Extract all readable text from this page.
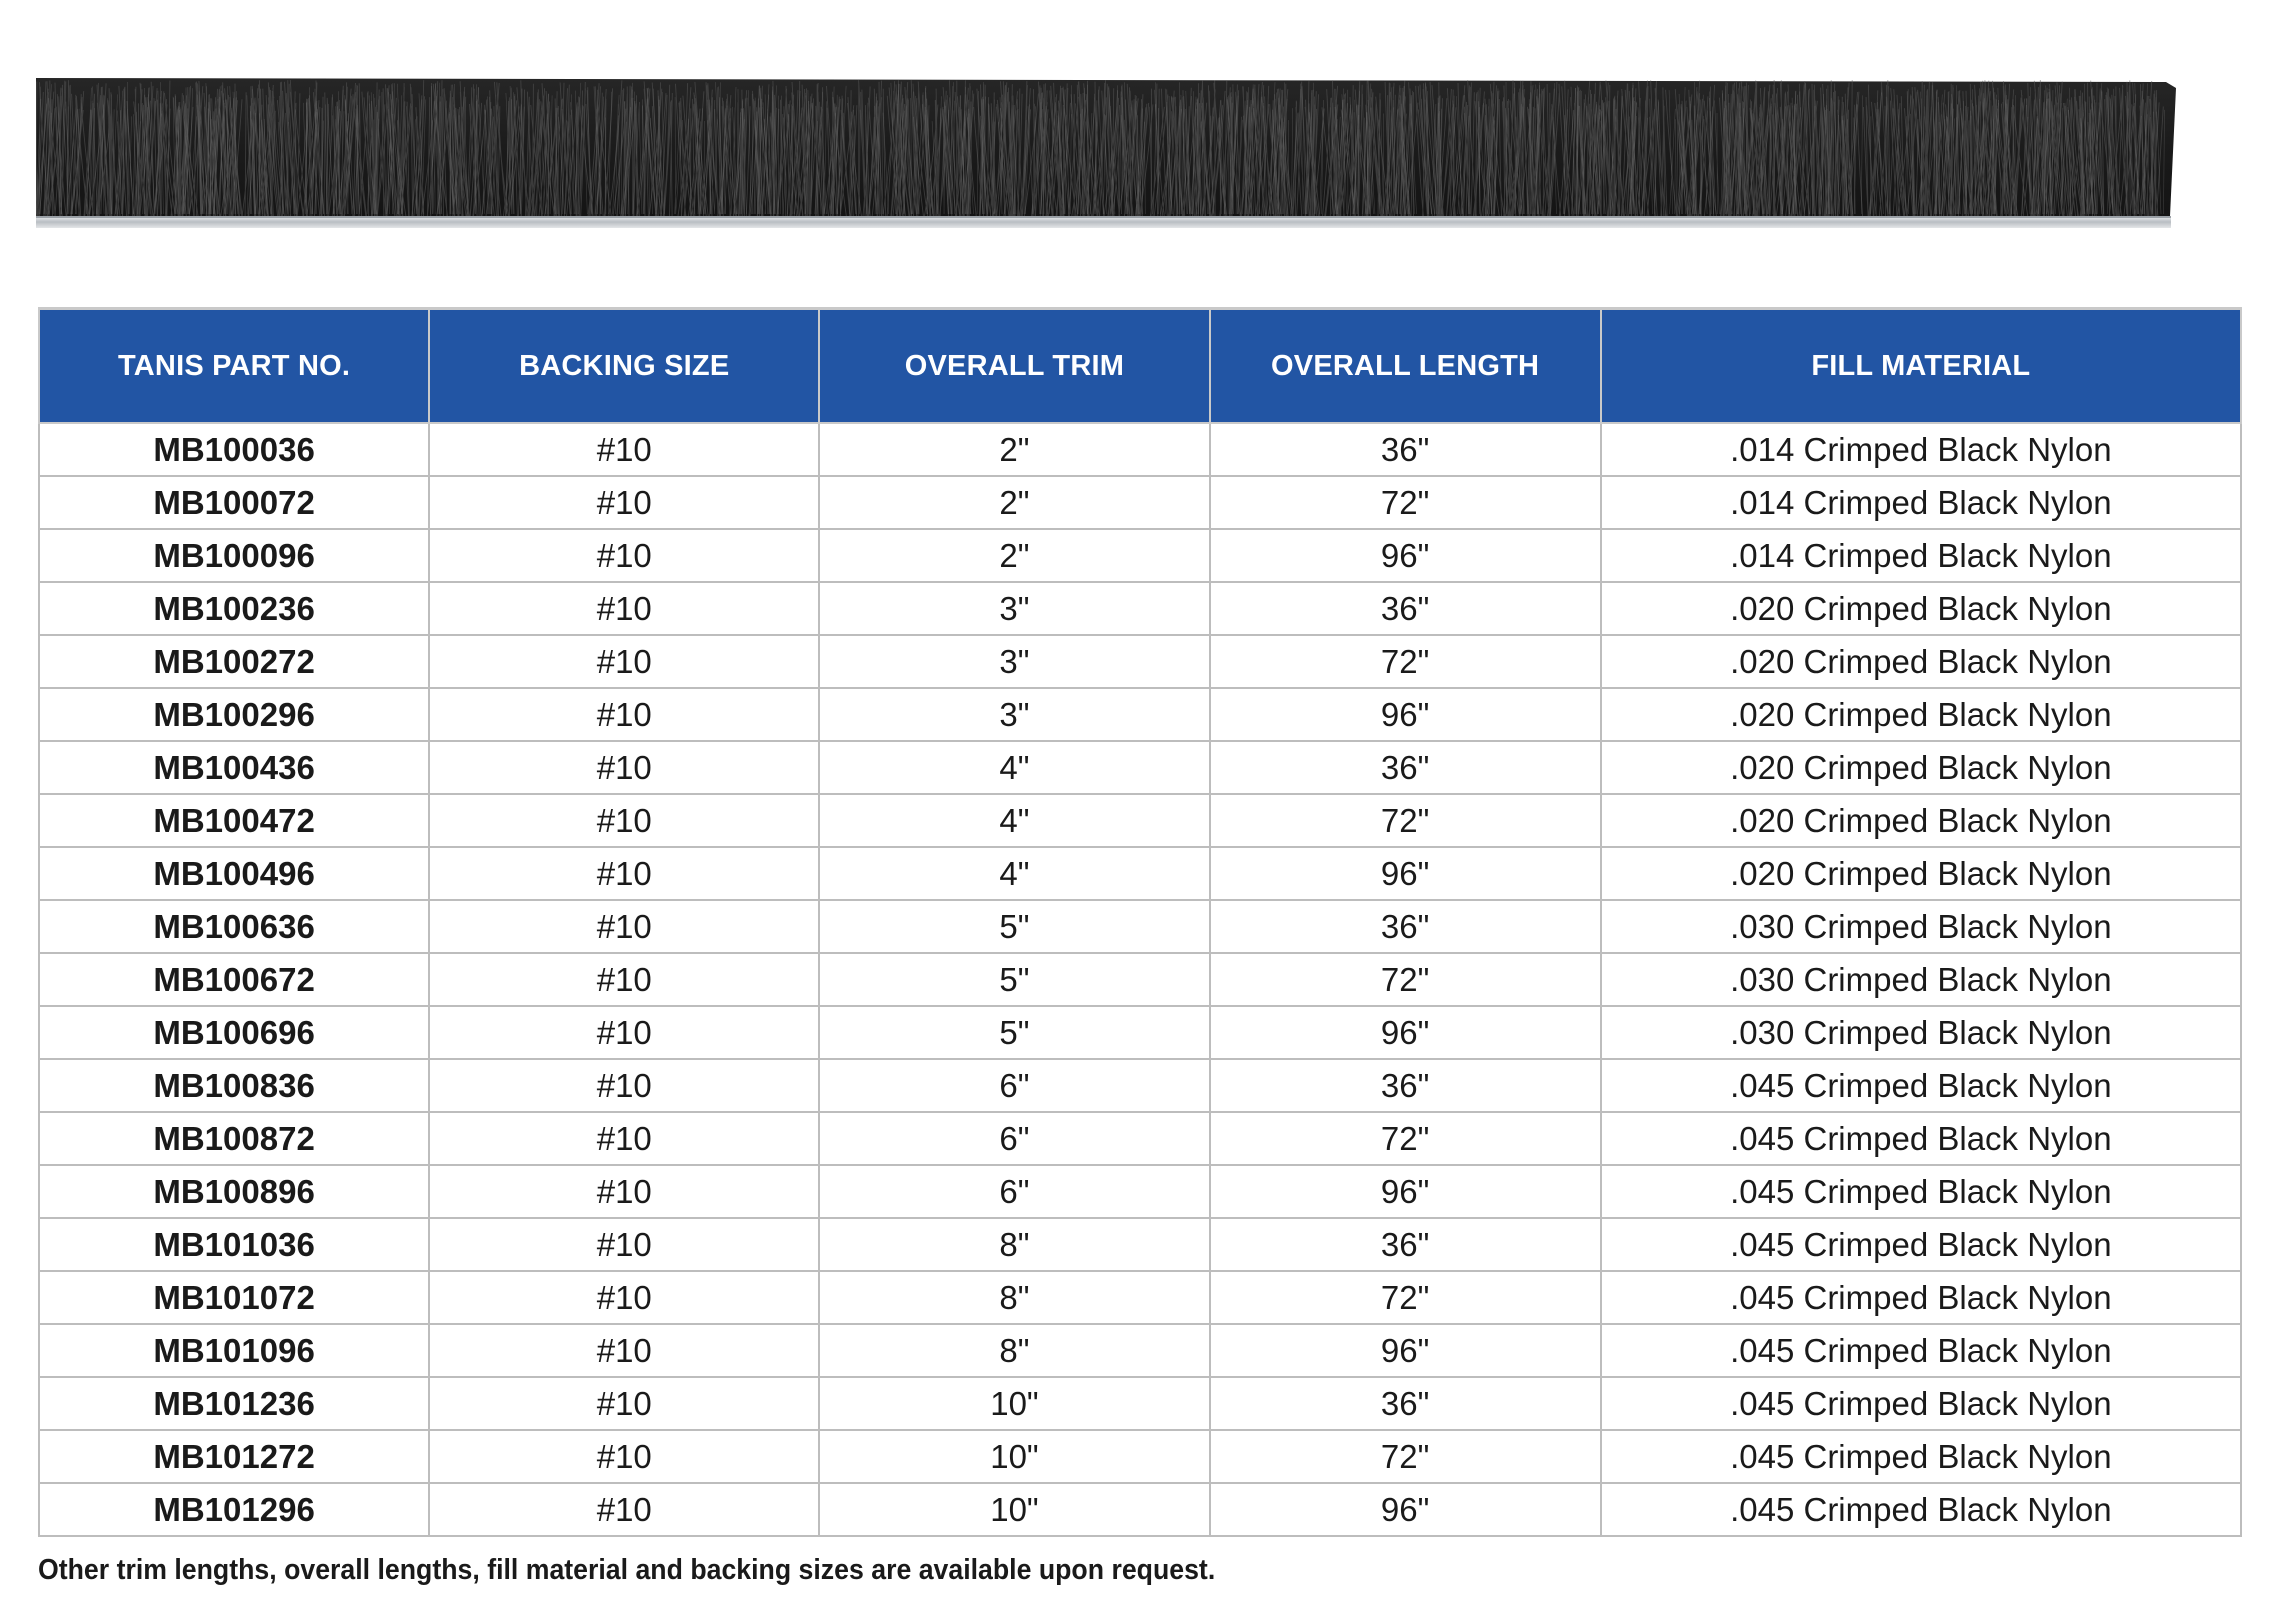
TANIS PART NO.	BACKING SIZE	OVERALL TRIM	OVERALL LENGTH	FILL MATERIAL
MB100036	#10	2"	36"	.014 Crimped Black Nylon
MB100072	#10	2"	72"	.014 Crimped Black Nylon
MB100096	#10	2"	96"	.014 Crimped Black Nylon
MB100236	#10	3"	36"	.020 Crimped Black Nylon
MB100272	#10	3"	72"	.020 Crimped Black Nylon
MB100296	#10	3"	96"	.020 Crimped Black Nylon
MB100436	#10	4"	36"	.020 Crimped Black Nylon
MB100472	#10	4"	72"	.020 Crimped Black Nylon
MB100496	#10	4"	96"	.020 Crimped Black Nylon
MB100636	#10	5"	36"	.030 Crimped Black Nylon
MB100672	#10	5"	72"	.030 Crimped Black Nylon
MB100696	#10	5"	96"	.030 Crimped Black Nylon
MB100836	#10	6"	36"	.045 Crimped Black Nylon
MB100872	#10	6"	72"	.045 Crimped Black Nylon
MB100896	#10	6"	96"	.045 Crimped Black Nylon
MB101036	#10	8"	36"	.045 Crimped Black Nylon
MB101072	#10	8"	72"	.045 Crimped Black Nylon
MB101096	#10	8"	96"	.045 Crimped Black Nylon
MB101236	#10	10"	36"	.045 Crimped Black Nylon
MB101272	#10	10"	72"	.045 Crimped Black Nylon
MB101296	#10	10"	96"	.045 Crimped Black Nylon
Other trim lengths, overall lengths, fill material and backing sizes are available upon request.
